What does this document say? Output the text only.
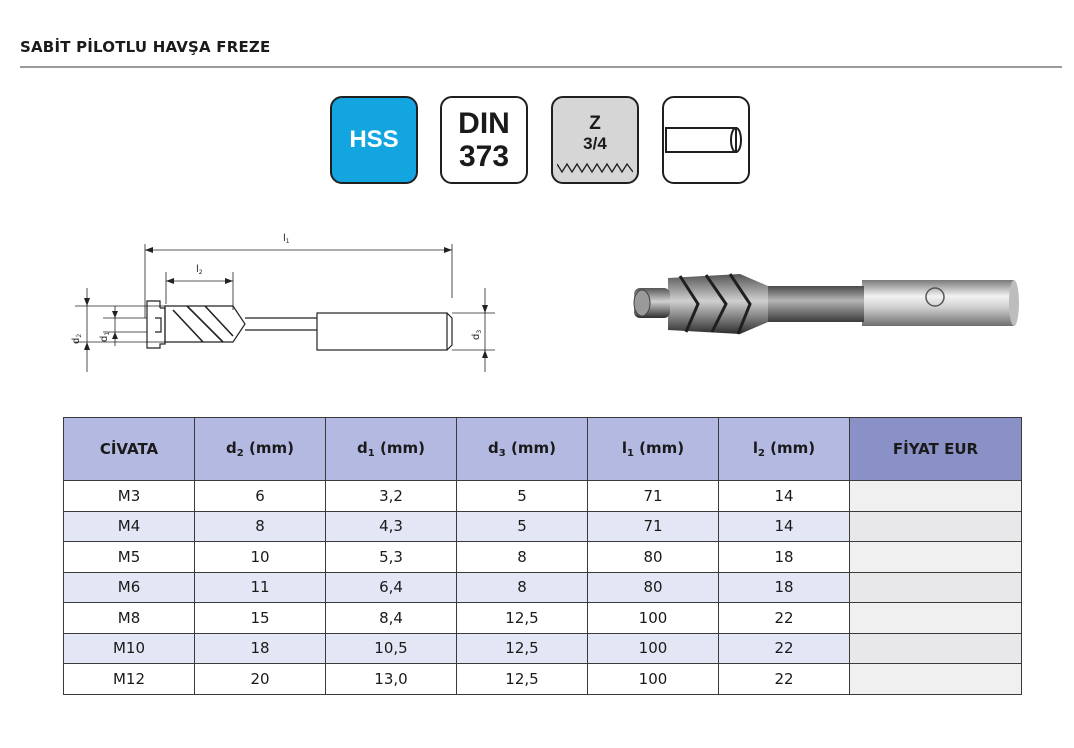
SABİT PİLOTLU HAVŞA FREZE
HSS DIN
373
Z
3/4
$l_1$
$l_2$
$d_2$ $d_1$	$d_3$
CİVATA	$d_2$ (mm)	$d_1$ (mm)	$d_3$ (mm)	$l_1$ (mm)	$l_2$ (mm)	FİYAT EUR
M3	6	3,2	5	71	14	
M4	8	4,3	5	71	14	
M5	10	5,3	8	80	18	
M6	11	6,4	8	80	18	
M8	15	8,4	12,5	100	22	
M10	18	10,5	12,5	100	22	
M12	20	13,0	12,5	100	22	
